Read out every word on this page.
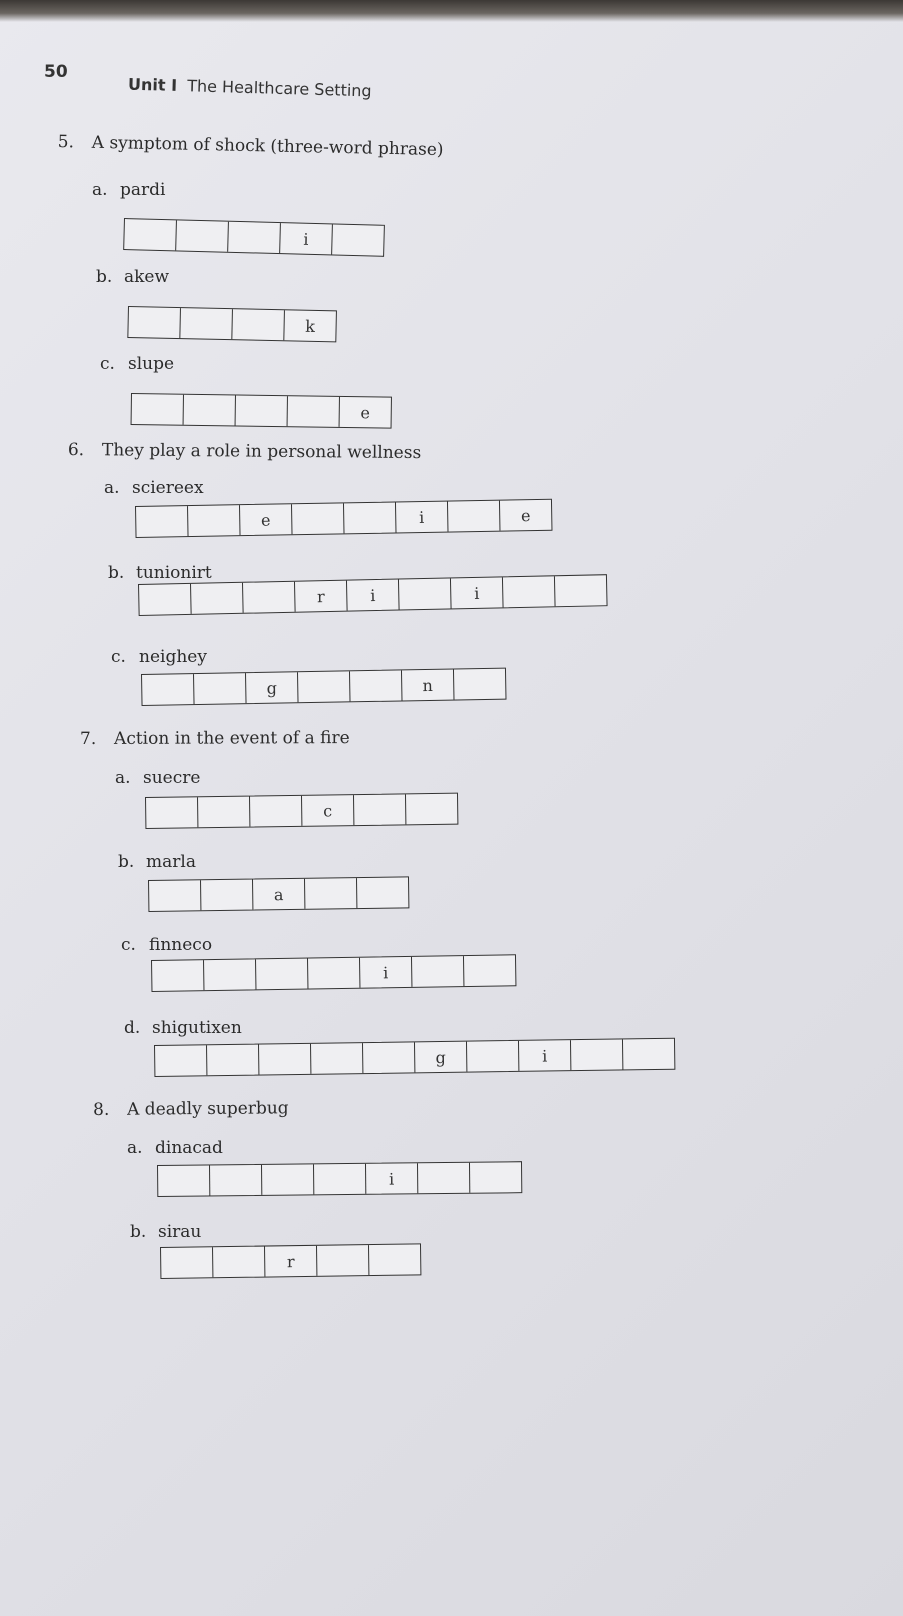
50
Unit I The Healthcare Setting
5. A symptom of shock (three-word phrase)
a. pardi
i
b. akew
k
c. slupe
e
6. They play a role in personal wellness
a. sciereex
e	i	e
b. tunionirt
r	i	i
c. neighey
g	n
7. Action in the event of a fire
a. suecre
c
b. marla
a
c. finneco
i
d. shigutixen
g	i
8. A deadly superbug
a. dinacad
i
b. sirau
r
